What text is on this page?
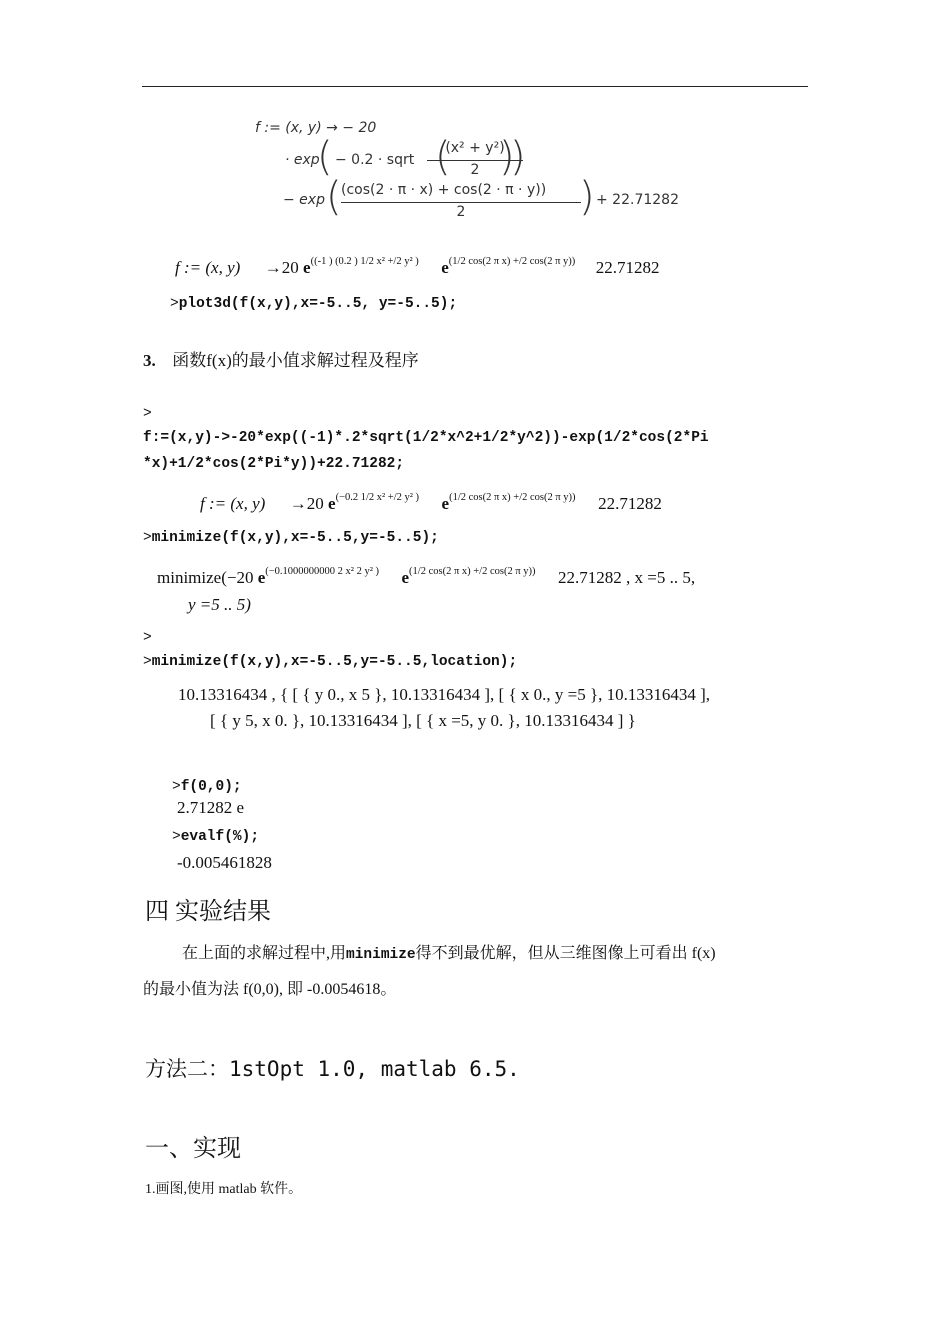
f := (x, y) → − 20
· exp
( − 0.2 · sqrt (
(x² + y²)
2 )
)
− exp ( (cos(2 · π · x) + cos(2 · π · y))
2	) + 22.71282
f := (x, y) →20 $e^{((-1 ) (0.2 ) 1/2 x^2 +/2 y^2 )}$ $e^{(1/2 cos(2 \pi x) +/2 cos(2 \pi y))}$ 22.71282
>plot3d(f(x,y),x=-5..5, y=-5..5);
3. 函数f(x)的最小值求解过程及程序
>
f:=(x,y)->-20*exp((-1)*.2*sqrt(1/2*x^2+1/2*y^2))-exp(1/2*cos(2*Pi
*x)+1/2*cos(2*Pi*y))+22.71282;
f := (x, y) →20 $e^{(-0.2 1/2 x^2 +/2 y^2 )}$ $e^{(1/2 cos(2 \pi x) +/2 cos(2 \pi y))}$ 22.71282
>minimize(f(x,y),x=-5..5,y=-5..5);
minimize(−20 $e^{(-0.1000000000 2 x^2 2 y^2 )}$ $e^{(1/2 cos(2 \pi x) +/2 cos(2 \pi y))}$ 22.71282 , x =5 .. 5,
y =5 .. 5)
>
>minimize(f(x,y),x=-5..5,y=-5..5,location);
10.13316434 , { [ { y 0., x 5 }, 10.13316434 ], [ { x 0., y =5 }, 10.13316434 ],
[ { y 5, x 0. }, 10.13316434 ], [ { x =5, y 0. }, 10.13316434 ] }
>f(0,0);
2.71282 e
>evalf(%);
-0.005461828
四 实验结果
在上面的求解过程中,用minimize得不到最优解，但从三维图像上可看出 f(x)
的最小值为法 f(0,0), 即 -0.0054618。
方法二：1stOpt 1.0, matlab 6.5.
一、实现
1.画图,使用 matlab 软件。
